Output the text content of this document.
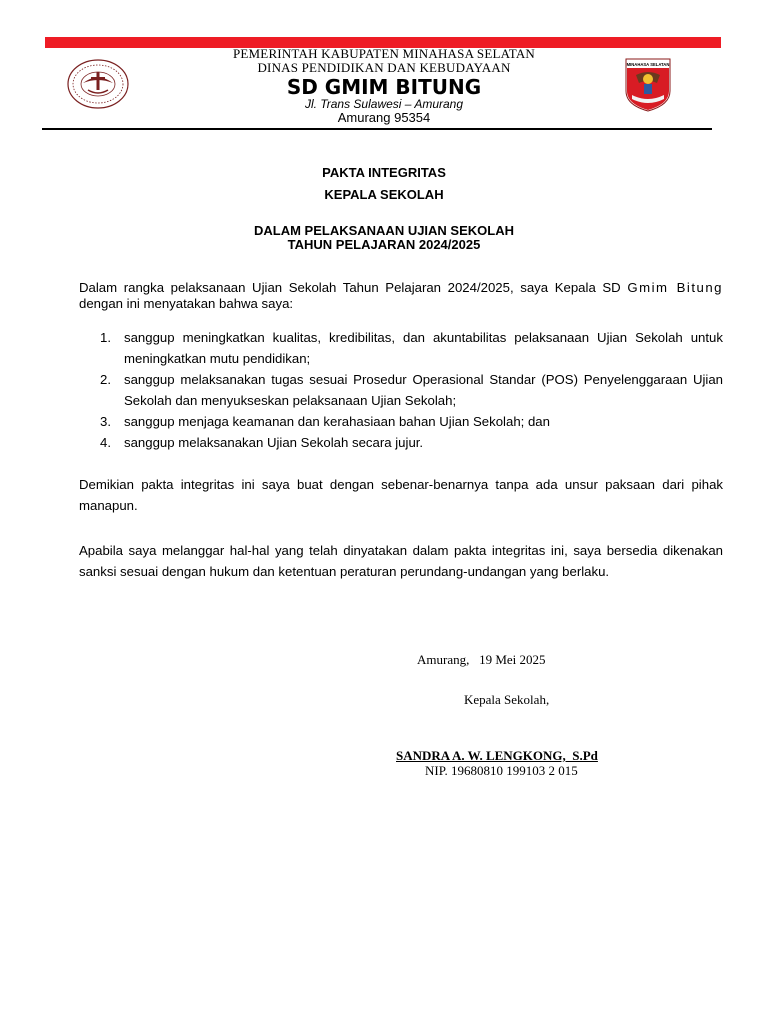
MINAHASA SELATAN
PEMERINTAH KABUPATEN MINAHASA SELATAN
DINAS PENDIDIKAN DAN KEBUDAYAAN
SD GMIM BITUNG
Jl. Trans Sulawesi – Amurang
Amurang 95354
PAKTA INTEGRITAS
KEPALA SEKOLAH
DALAM PELAKSANAAN UJIAN SEKOLAH
TAHUN PELAJARAN 2024/2025
Dalam rangka pelaksanaan Ujian Sekolah Tahun Pelajaran 2024/2025, saya Kepala SD Gmim Bitung dengan ini menyatakan bahwa saya:
1. sanggup meningkatkan kualitas, kredibilitas, dan akuntabilitas pelaksanaan Ujian Sekolah untuk meningkatkan mutu pendidikan;
2. sanggup melaksanakan tugas sesuai Prosedur Operasional Standar (POS) Penyelenggaraan Ujian Sekolah dan menyukseskan pelaksanaan Ujian Sekolah;
3. sanggup menjaga keamanan dan kerahasiaan bahan Ujian Sekolah; dan
4. sanggup melaksanakan Ujian Sekolah secara jujur.
Demikian pakta integritas ini saya buat dengan sebenar-benarnya tanpa ada unsur paksaan dari pihak manapun.
Apabila saya melanggar hal-hal yang telah dinyatakan dalam pakta integritas ini, saya bersedia dikenakan sanksi sesuai dengan hukum dan ketentuan peraturan perundang-undangan yang berlaku.
Amurang,   19 Mei 2025
Kepala Sekolah,
SANDRA A. W. LENGKONG,  S.Pd
NIP. 19680810 199103 2 015
